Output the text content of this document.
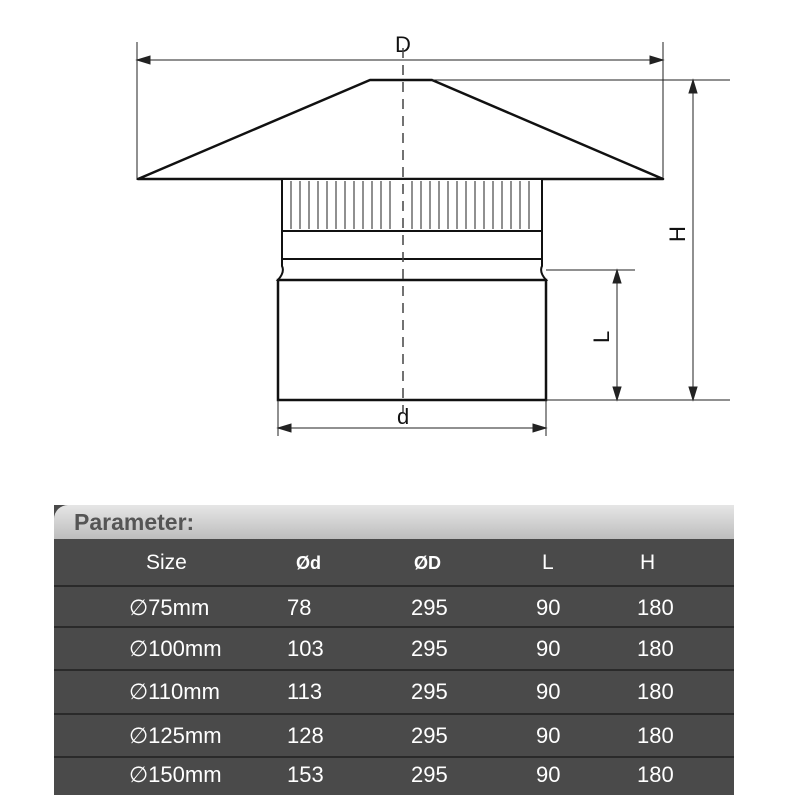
D
d
H
L
Parameter:
Size	Ød	ØD	L	H
∅75mm	78	295	90	180
∅100mm	103	295	90	180
∅110mm	113	295	90	180
∅125mm	128	295	90	180
∅150mm	153	295	90	180
